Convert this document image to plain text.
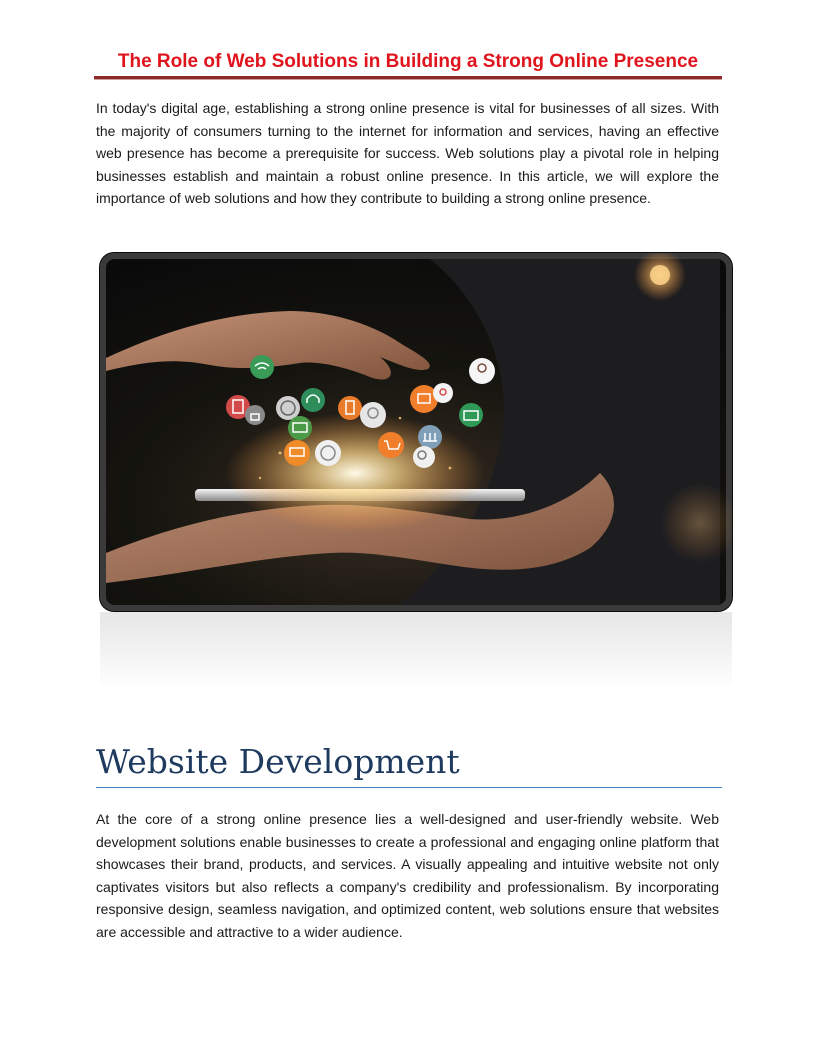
The Role of Web Solutions in Building a Strong Online Presence
In today's digital age, establishing a strong online presence is vital for businesses of all sizes. With the majority of consumers turning to the internet for information and services, having an effective web presence has become a prerequisite for success. Web solutions play a pivotal role in helping businesses establish and maintain a robust online presence. In this article, we will explore the importance of web solutions and how they contribute to building a strong online presence.
Website Development
At the core of a strong online presence lies a well-designed and user-friendly website. Web development solutions enable businesses to create a professional and engaging online platform that showcases their brand, products, and services. A visually appealing and intuitive website not only captivates visitors but also reflects a company's credibility and professionalism. By incorporating responsive design, seamless navigation, and optimized content, web solutions ensure that websites are accessible and attractive to a wider audience.
